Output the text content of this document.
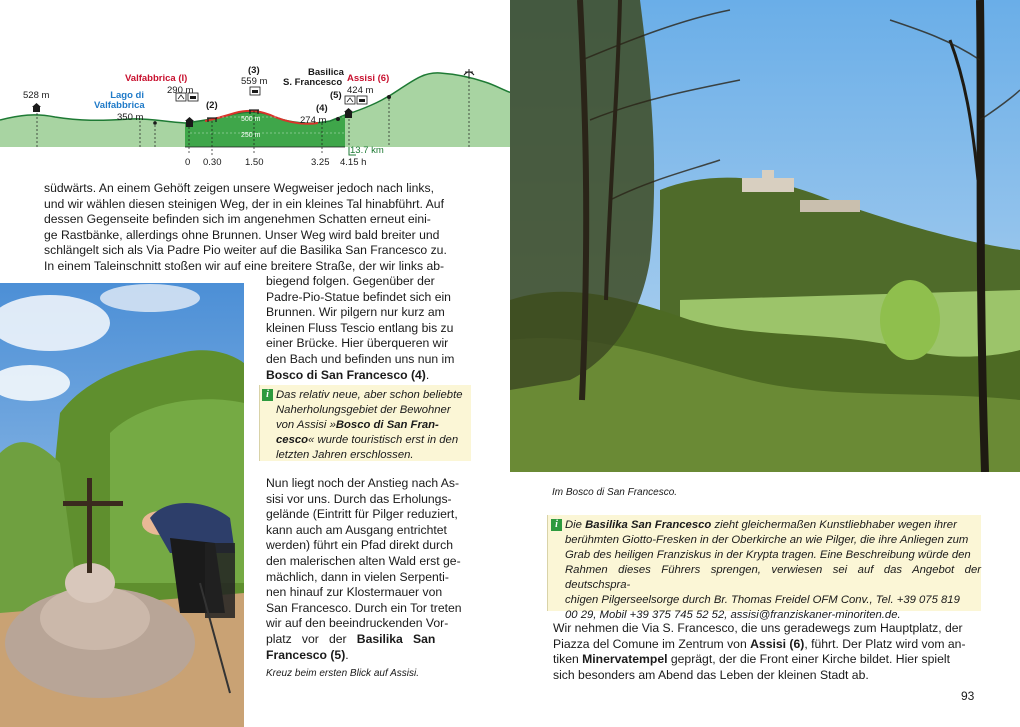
528 m	Lago di
Valfabbrica
350 m
Valfabbrica (I)
290 m
(2)
(3)
559 m
(4)
274 m
Basilica
S. Francesco
(5)
Assisi (6)
424 m
500 m
250 m
0 0.30 1.50	3.25 4.15 h
13.7 km

südwärts. An einem Gehöft zeigen unsere Wegweiser jedoch nach links,

und wir wählen diesen steinigen Weg, der in ein kleines Tal hinabführt. Auf

dessen Gegenseite befinden sich im angenehmen Schatten erneut eini-

ge Rastbänke, allerdings ohne Brunnen. Unser Weg wird bald breiter und

schlängelt sich als Via Padre Pio weiter auf die Basilika San Francesco zu.

In einem Taleinschnitt stoßen wir auf eine breitere Straße, der wir links ab-

biegend folgen. Gegenüber der

Padre-Pio-Statue befindet sich ein

Brunnen. Wir pilgern nur kurz am

kleinen Fluss Tescio entlang bis zu

einer Brücke. Hier überqueren wir

den Bach und befinden uns nun im

Bosco di San Francesco (4).

i Das relativ neue, aber schon beliebte
Naherholungsgebiet der Bewohner
von Assisi »Bosco di San Fran-
cesco« wurde touristisch erst in den
letzten Jahren erschlossen.

Nun liegt noch der Anstieg nach As-

sisi vor uns. Durch das Erholungs-

gelände (Eintritt für Pilger reduziert,

kann auch am Ausgang entrichtet

werden) führt ein Pfad direkt durch

den malerischen alten Wald erst ge-

mächlich, dann in vielen Serpenti-

nen hinauf zur Klostermauer von

San Francesco. Durch ein Tor treten

wir auf den beeindruckenden Vor-

platz   vor   der   Basilika   San

Francesco (5).

Kreuz beim ersten Blick auf Assisi.
Im Bosco di San Francesco.
i Die Basilika San Francesco zieht gleichermaßen Kunstliebhaber wegen ihrer
berühmten Giotto-Fresken in der Oberkirche an wie Pilger, die ihre Anliegen zum
Grab des heiligen Franziskus in der Krypta tragen. Eine Beschreibung würde den
Rahmen dieses Führers sprengen, verwiesen sei auf das Angebot der deutschspra-
chigen Pilgerseelsorge durch Br. Thomas Freidel OFM Conv., Tel. +39 075 819
00 29, Mobil +39 375 745 52 52, assisi@franziskaner-minoriten.de.

Wir nehmen die Via S. Francesco, die uns geradewegs zum Hauptplatz, der

Piazza del Comune im Zentrum von Assisi (6), führt. Der Platz wird vom an-

tiken Minervatempel geprägt, der die Front einer Kirche bildet. Hier spielt

sich besonders am Abend das Leben der kleinen Stadt ab.

93
